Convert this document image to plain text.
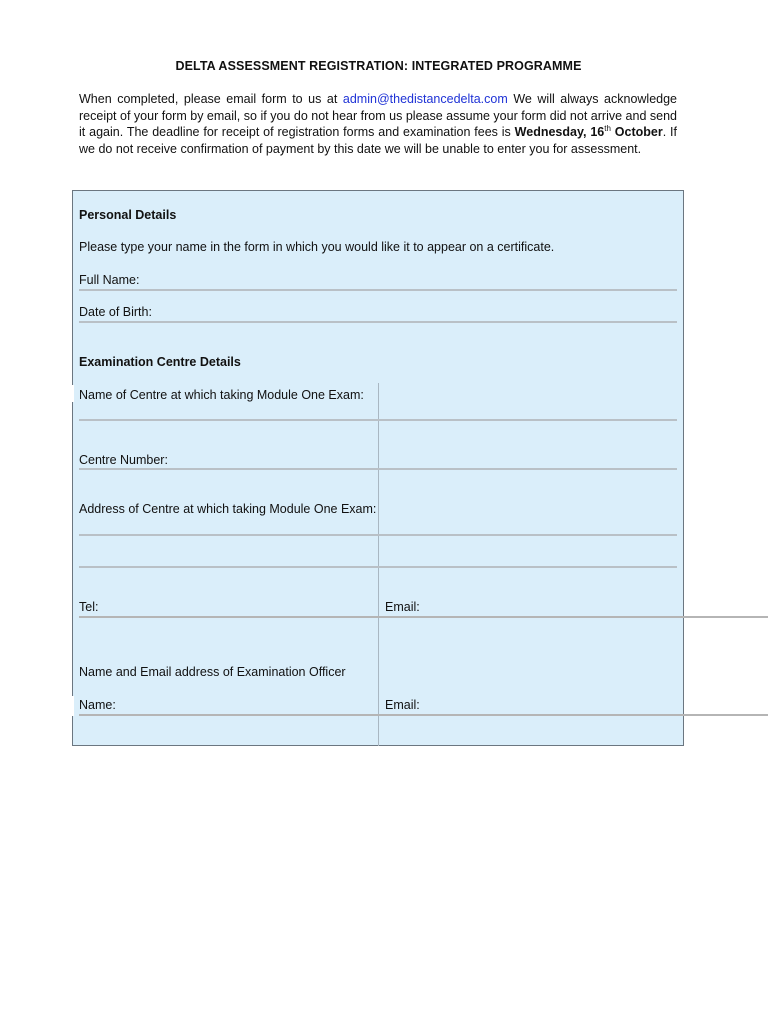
DELTA ASSESSMENT REGISTRATION: INTEGRATED PROGRAMME
When completed, please email form to us at admin@thedistancedelta.com We will always acknowledge receipt of your form by email, so if you do not hear from us please assume your form did not arrive and send it again. The deadline for receipt of registration forms and examination fees is Wednesday, 16th October. If we do not receive confirmation of payment by this date we will be unable to enter you for assessment.
Personal Details
Please type your name in the form in which you would like it to appear on a certificate.
Full Name:
Date of Birth:
Examination Centre Details
Name of Centre at which taking Module One Exam:
Centre Number:
Address of Centre at which taking Module One Exam:
Tel:	Email:
Name and Email address of Examination Officer
Name:	Email:
